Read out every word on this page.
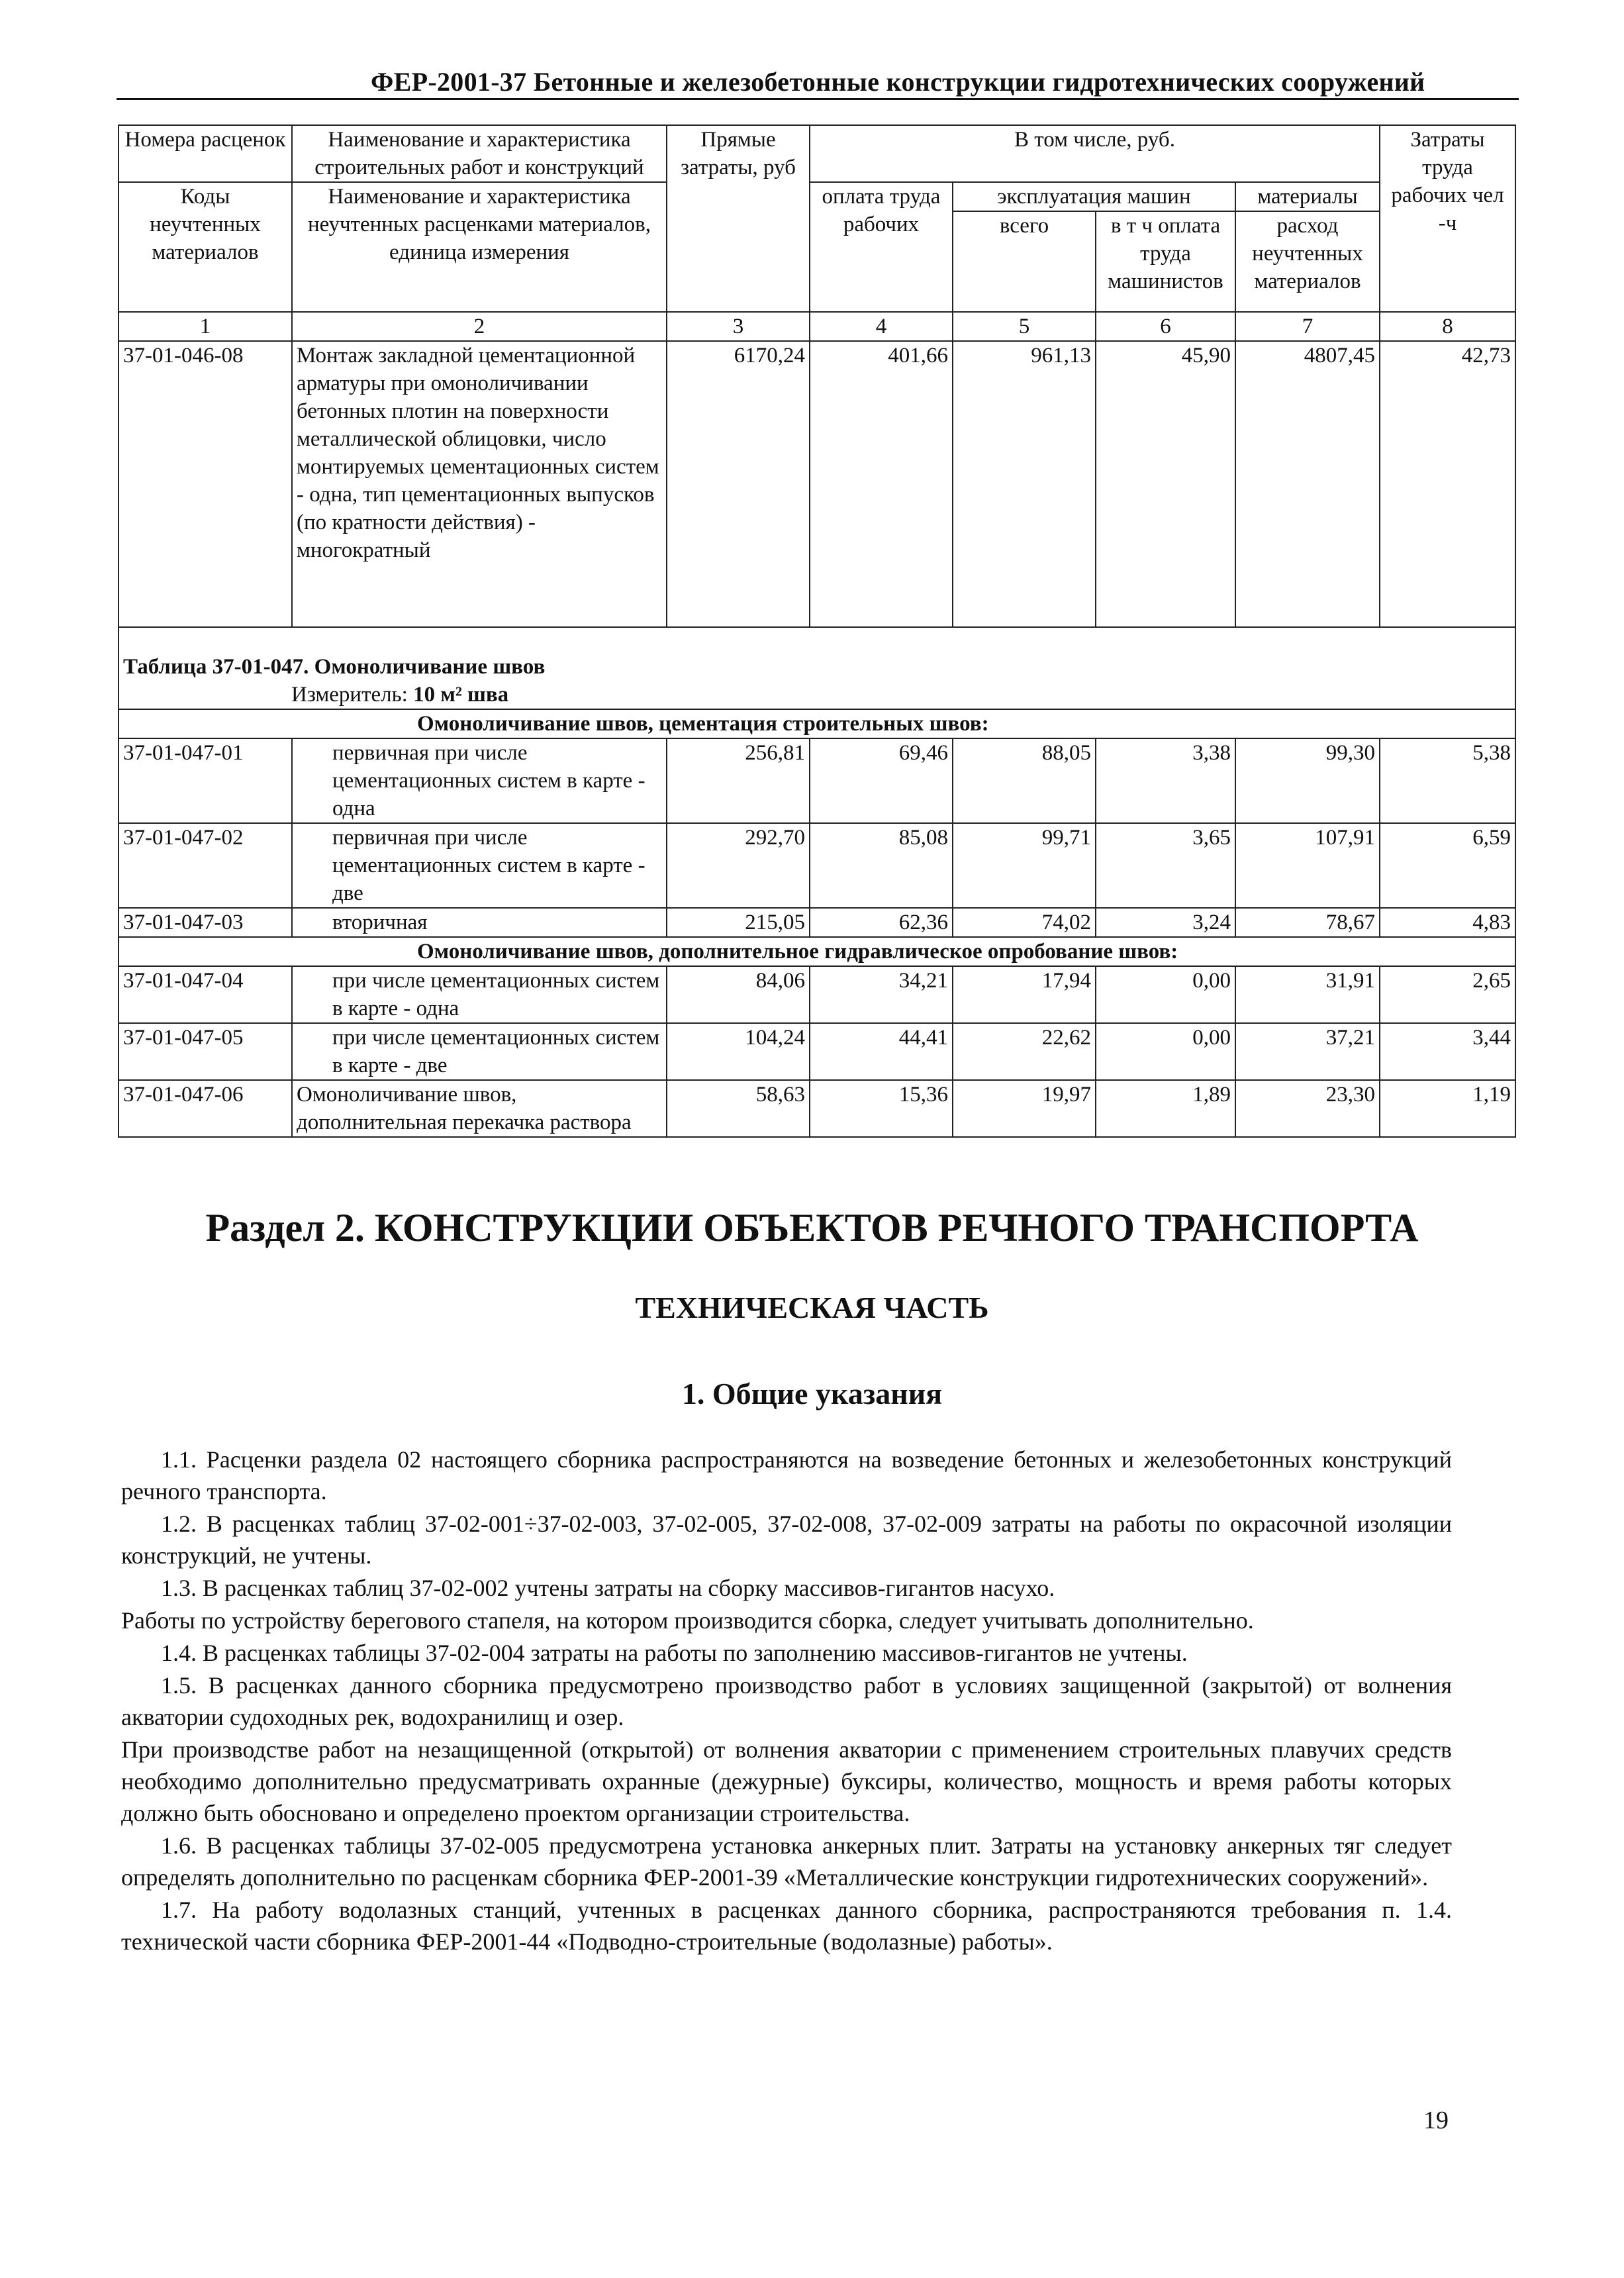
ФЕР-2001-37 Бетонные и железобетонные конструкции гидротехнических сооружений
Номера расценок	Наименование и характеристика строительных работ и конструкций	Прямые затраты, руб	В том числе, руб.				Затраты труда рабочих чел -ч
Коды неучтенных материалов	Наименование и характеристика неучтенных расценками материалов, единица измерения		оплата труда рабочих	эксплуатация машин		материалы	
				всего	в т ч оплата труда машинистов	расход неучтенных материалов	
1	2	3	4	5	6	7	8
37-01-046-08	Монтаж закладной цементационной арматуры при омоноличивании бетонных плотин на поверхности металлической облицовки, число монтируемых цементационных систем - одна, тип цементационных выпусков (по кратности действия) - многократный	6170,24	401,66	961,13	45,90	4807,45	42,73
Таблица 37-01-047. Омоноличивание швов							
Измеритель: 10 м² шва							
Омоноличивание швов, цементация строительных швов:							
37-01-047-01	первичная при числе цементационных систем в карте - одна	256,81	69,46	88,05	3,38	99,30	5,38
37-01-047-02	первичная при числе цементационных систем в карте - две	292,70	85,08	99,71	3,65	107,91	6,59
37-01-047-03	вторичная	215,05	62,36	74,02	3,24	78,67	4,83
Омоноличивание швов, дополнительное гидравлическое опробование швов:							
37-01-047-04	при числе цементационных систем в карте - одна	84,06	34,21	17,94	0,00	31,91	2,65
37-01-047-05	при числе цементационных систем в карте - две	104,24	44,41	22,62	0,00	37,21	3,44
37-01-047-06	Омоноличивание швов, дополнительная перекачка раствора	58,63	15,36	19,97	1,89	23,30	1,19
Раздел 2. КОНСТРУКЦИИ ОБЪЕКТОВ РЕЧНОГО ТРАНСПОРТА
ТЕХНИЧЕСКАЯ ЧАСТЬ
1. Общие указания

1.1. Расценки раздела 02 настоящего сборника распространяются на возведение бетонных и железобетонных конструкций речного транспорта.

1.2. В расценках таблиц 37-02-001÷37-02-003, 37-02-005, 37-02-008, 37-02-009 затраты на работы по окрасочной изоляции конструкций, не учтены.

1.3. В расценках таблиц 37-02-002 учтены затраты на сборку массивов-гигантов насухо.

Работы по устройству берегового стапеля, на котором производится сборка, следует учитывать дополнительно.

1.4. В расценках таблицы 37-02-004 затраты на работы по заполнению массивов-гигантов не учтены.

1.5. В расценках данного сборника предусмотрено производство работ в условиях защищенной (закрытой) от волнения акватории судоходных рек, водохранилищ и озер.

При производстве работ на незащищенной (открытой) от волнения акватории с применением строительных плавучих средств необходимо дополнительно предусматривать охранные (дежурные) буксиры, количество, мощность и время работы которых должно быть обосновано и определено проектом организации строительства.

1.6. В расценках таблицы 37-02-005 предусмотрена установка анкерных плит. Затраты на установку анкерных тяг следует определять дополнительно по расценкам сборника ФЕР-2001-39 «Металлические конструкции гидротехнических сооружений».

1.7. На работу водолазных станций, учтенных в расценках данного сборника, распространяются требования п. 1.4. технической части сборника ФЕР-2001-44 «Подводно-строительные (водолазные) работы».

19
